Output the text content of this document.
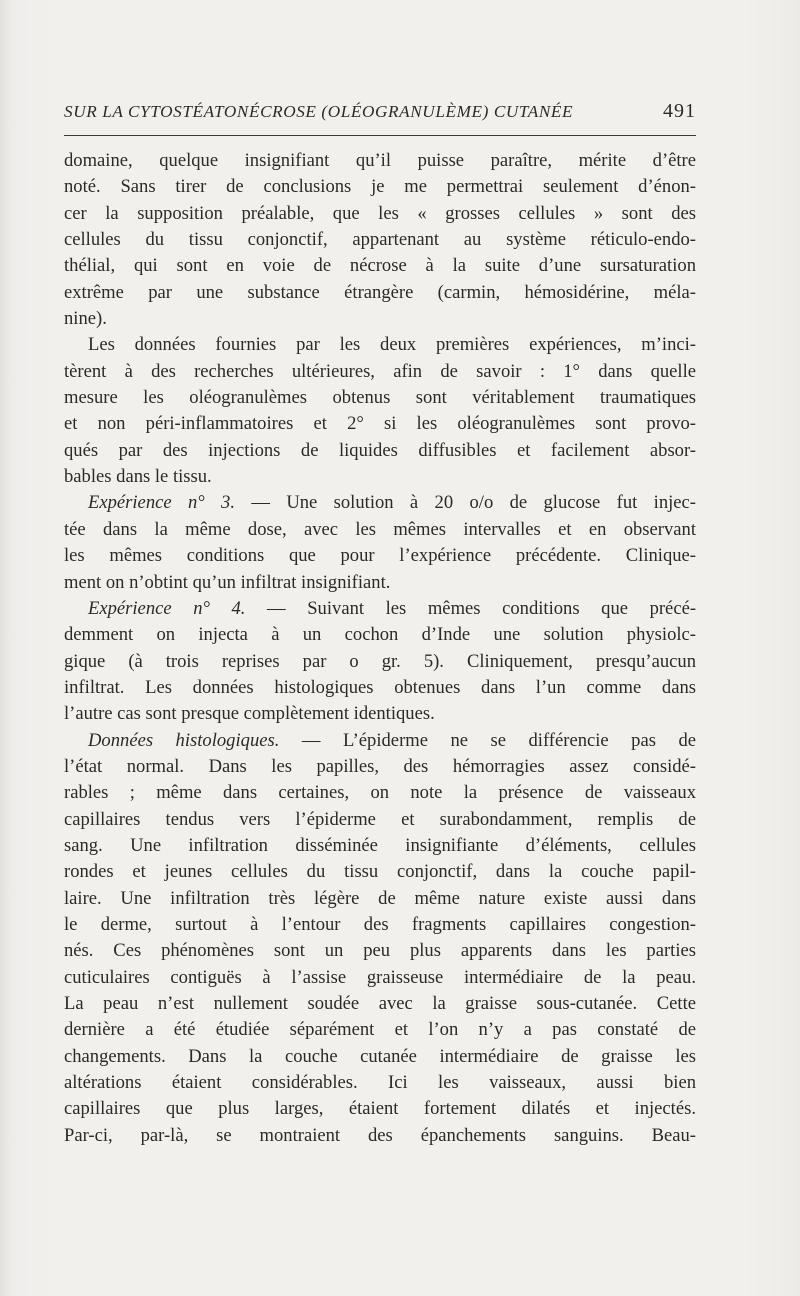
SUR LA CYTOSTÉATONÉCROSE (OLÉOGRANULÈME) CUTANÉE	491
domaine, quelque insignifiant qu’il puisse paraître, mérite d’être
noté. Sans tirer de conclusions je me permettrai seulement d’énon-
cer la supposition préalable, que les « grosses cellules » sont des
cellules du tissu conjonctif, appartenant au système réticulo-endo-
thélial, qui sont en voie de nécrose à la suite d’une sursaturation
extrême par une substance étrangère (carmin, hémosidérine, méla-
nine).
Les données fournies par les deux premières expériences, m’inci-
tèrent à des recherches ultérieures, afin de savoir : 1° dans quelle
mesure les oléogranulèmes obtenus sont véritablement traumatiques
et non péri-inflammatoires et 2° si les oléogranulèmes sont provo-
qués par des injections de liquides diffusibles et facilement absor-
bables dans le tissu.
Expérience n° 3. — Une solution à 20 o/o de glucose fut injec-
tée dans la même dose, avec les mêmes intervalles et en observant
les mêmes conditions que pour l’expérience précédente. Clinique-
ment on n’obtint qu’un infiltrat insignifiant.
Expérience n° 4. — Suivant les mêmes conditions que précé-
demment on injecta à un cochon d’Inde une solution physiolc-
gique (à trois reprises par o gr. 5). Cliniquement, presqu’aucun
infiltrat. Les données histologiques obtenues dans l’un comme dans
l’autre cas sont presque complètement identiques.
Données histologiques. — L’épiderme ne se différencie pas de
l’état normal. Dans les papilles, des hémorragies assez considé-
rables ; même dans certaines, on note la présence de vaisseaux
capillaires tendus vers l’épiderme et surabondamment, remplis de
sang. Une infiltration disséminée insignifiante d’éléments, cellules
rondes et jeunes cellules du tissu conjonctif, dans la couche papil-
laire. Une infiltration très légère de même nature existe aussi dans
le derme, surtout à l’entour des fragments capillaires congestion-
nés. Ces phénomènes sont un peu plus apparents dans les parties
cuticulaires contiguës à l’assise graisseuse intermédiaire de la peau.
La peau n’est nullement soudée avec la graisse sous-cutanée. Cette
dernière a été étudiée séparément et l’on n’y a pas constaté de
changements. Dans la couche cutanée intermédiaire de graisse les
altérations étaient considérables. Ici les vaisseaux, aussi bien
capillaires que plus larges, étaient fortement dilatés et injectés.
Par-ci, par-là, se montraient des épanchements sanguins. Beau-
